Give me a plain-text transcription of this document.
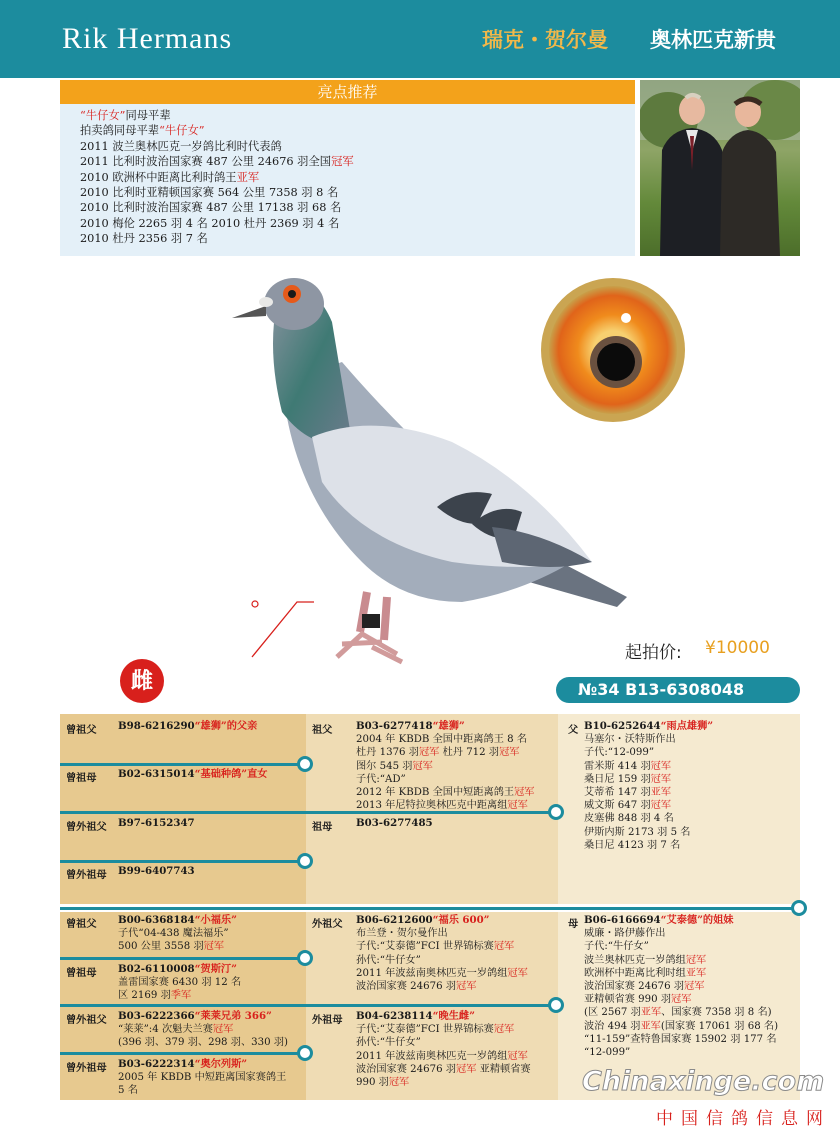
Rik Hermans	瑞克・贺尔曼 奥林匹克新贵
亮点推荐
“牛仔女”同母平辈
拍卖鸽同母平辈“牛仔女”
2011 波兰奥林匹克一岁鸽比利时代表鸽
2011 比利时波治国家赛 487 公里 24676 羽全国冠军
2010 欧洲杯中距离比利时鸽王亚军
2010 比利时亚精顿国家赛 564 公里 7358 羽 8 名
2010 比利时波治国家赛 487 公里 17138 羽 68 名
2010 梅伦 2265 羽 4 名 2010 杜丹 2369 羽 4 名
2010 杜丹 2356 羽 7 名
起拍价: ¥10000
№34 B13-6308048
雌
曾祖父 B98-6216290“雄狮”的父亲
曾祖母 B02-6315014“基础种鸽”直女
曾外祖父 B97-6152347
曾外祖母 B99-6407743
祖父 B03-6277418“雄狮”
2004 年 KBDB 全国中距离鸽王 8 名
杜丹 1376 羽冠军 杜丹 712 羽冠军
图尔 545 羽冠军
子代:“AD”
2012 年 KBDB 全国中短距离鸽王冠军
2013 年尼特拉奥林匹克中距离组冠军
祖母 B03-6277485
父 B10-6252644“雨点雄狮”
马塞尔・沃特斯作出
子代:“12-099”
雷米斯 414 羽冠军
桑日尼 159 羽冠军
艾蒂希 147 羽亚军
威文斯 647 羽冠军
皮塞佛 848 羽 4 名
伊斯内斯 2173 羽 5 名
桑日尼 4123 羽 7 名
曾祖父 B00-6368184“小福乐”
子代“04-438 魔法福乐”
500 公里 3558 羽冠军
曾祖母 B02-6110008“贺斯汀”
盖雷国家赛 6430 羽 12 名
区 2169 羽季军
曾外祖父 B03-6222366“莱莱兄弟 366”
“莱莱”:4 次魁夫兰赛冠军
(396 羽、379 羽、298 羽、330 羽)
曾外祖母 B03-6222314“奥尔列斯”
2005 年 KBDB 中短距离国家赛鸽王
5 名
外祖父 B06-6212600“福乐 600”
布兰登・贺尔曼作出
子代:“艾泰德”FCI 世界锦标赛冠军
孙代:“牛仔女”
2011 年波兹南奥林匹克一岁鸽组冠军
波治国家赛 24676 羽冠军
外祖母 B04-6238114“晚生雌”
子代:“艾泰德”FCI 世界锦标赛冠军
孙代:“牛仔女”
2011 年波兹南奥林匹克一岁鸽组冠军
波治国家赛 24676 羽冠军 亚精顿省赛
990 羽冠军
母 B06-6166694“艾泰德”的姐妹
威廉・路伊藤作出
子代:“牛仔女”
波兰奥林匹克一岁鸽组冠军
欧洲杯中距离比利时组亚军
波治国家赛 24676 羽冠军
亚精顿省赛 990 羽冠军
(区 2567 羽亚军、国家赛 7358 羽 8 名)
波治 494 羽亚军(国家赛 17061 羽 68 名)
“11-159”查特鲁国家赛 15902 羽 177 名
“12-099”
Chinaxinge.com
中国信鸽信息网
